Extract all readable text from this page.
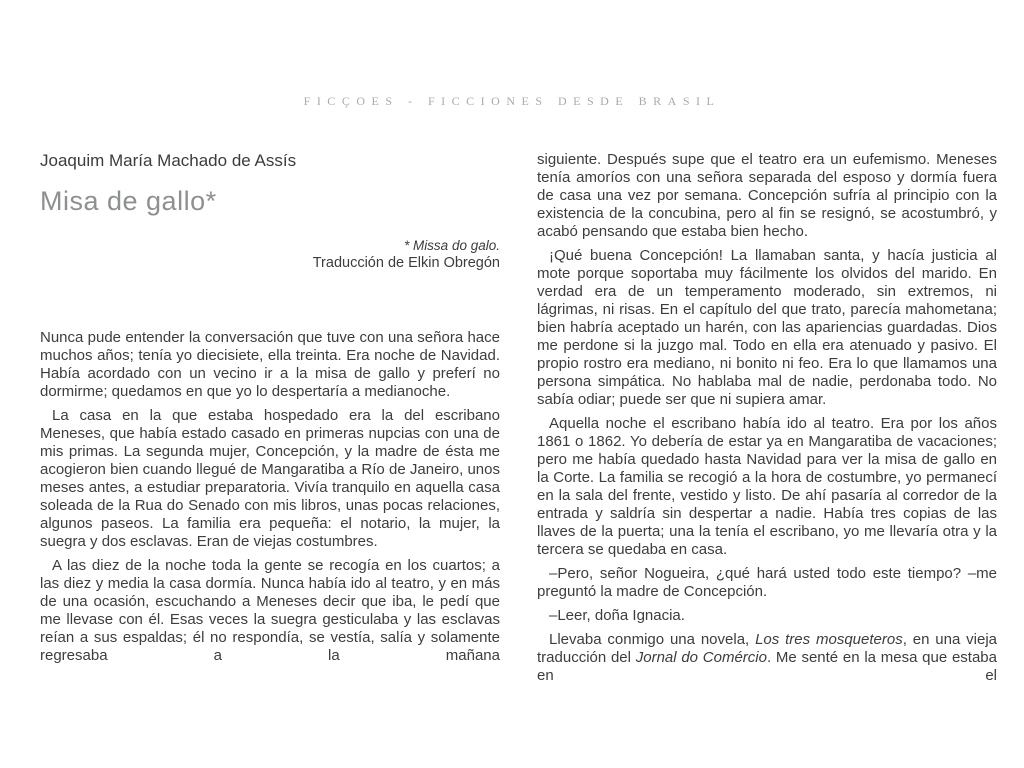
FICÇOES - FICCIONES DESDE BRASIL
Joaquim María Machado de Assís
Misa de gallo*
* Missa do galo.
Traducción de Elkin Obregón

Nunca pude entender la conversación que tuve con una señora hace muchos años; tenía yo diecisiete, ella treinta. Era noche de Navidad. Había acordado con un vecino ir a la misa de gallo y preferí no dormirme; quedamos en que yo lo despertaría a medianoche.

La casa en la que estaba hospedado era la del escribano Meneses, que había estado casado en primeras nupcias con una de mis primas. La segunda mujer, Concepción, y la madre de ésta me acogieron bien cuando llegué de Mangaratiba a Río de Janeiro, unos meses antes, a estudiar preparatoria. Vivía tranquilo en aquella casa soleada de la Rua do Senado con mis libros, unas pocas relaciones, algunos paseos. La familia era pequeña: el notario, la mujer, la suegra y dos esclavas. Eran de viejas costumbres.

A las diez de la noche toda la gente se recogía en los cuartos; a las diez y media la casa dormía. Nunca había ido al teatro, y en más de una ocasión, escuchando a Meneses decir que iba, le pedí que me llevase con él. Esas veces la suegra gesticulaba y las esclavas reían a sus espaldas; él no respondía, se vestía, salía y solamente regresaba a la mañana

siguiente. Después supe que el teatro era un eufemismo. Meneses tenía amoríos con una señora separada del esposo y dormía fuera de casa una vez por semana. Concepción sufría al principio con la existencia de la concubina, pero al fin se resignó, se acostumbró, y acabó pensando que estaba bien hecho.

¡Qué buena Concepción! La llamaban santa, y hacía justicia al mote porque soportaba muy fácilmente los olvidos del marido. En verdad era de un temperamento moderado, sin extremos, ni lágrimas, ni risas. En el capítulo del que trato, parecía mahometana; bien habría aceptado un harén, con las apariencias guardadas. Dios me perdone si la juzgo mal. Todo en ella era atenuado y pasivo. El propio rostro era mediano, ni bonito ni feo. Era lo que llamamos una persona simpática. No hablaba mal de nadie, perdonaba todo. No sabía odiar; puede ser que ni supiera amar.

Aquella noche el escribano había ido al teatro. Era por los años 1861 o 1862. Yo debería de estar ya en Mangaratiba de vacaciones; pero me había quedado hasta Navidad para ver la misa de gallo en la Corte. La familia se recogió a la hora de costumbre, yo permanecí en la sala del frente, vestido y listo. De ahí pasaría al corredor de la entrada y saldría sin despertar a nadie. Había tres copias de las llaves de la puerta; una la tenía el escribano, yo me llevaría otra y la tercera se quedaba en casa.

–Pero, señor Nogueira, ¿qué hará usted todo este tiempo? –me preguntó la madre de Concepción.

–Leer, doña Ignacia.

Llevaba conmigo una novela, Los tres mosqueteros, en una vieja traducción del Jornal do Comércio. Me senté en la mesa que estaba en el
